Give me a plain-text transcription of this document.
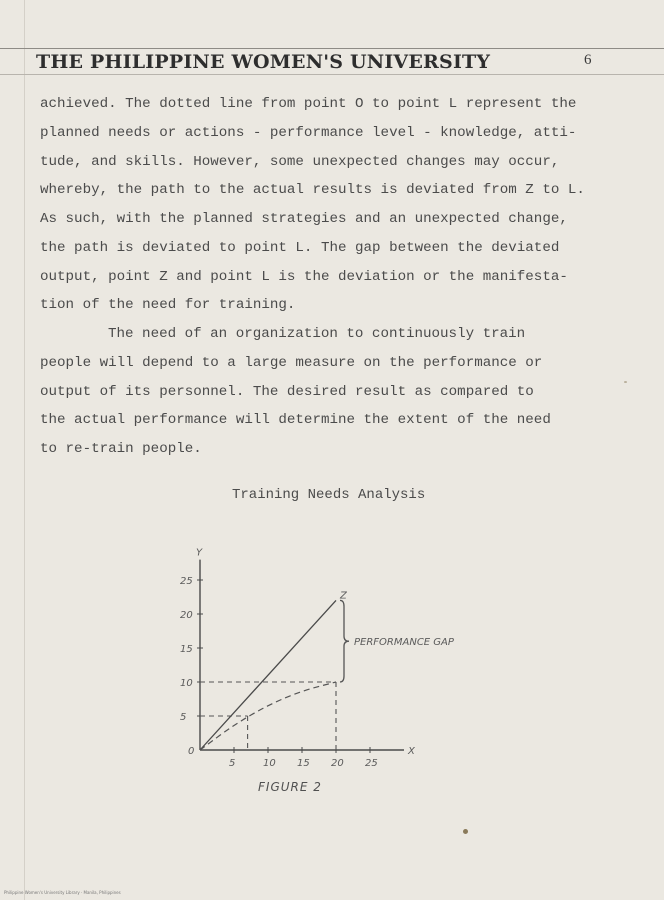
THE PHILIPPINE WOMEN'S UNIVERSITY	6
achieved. The dotted line from point O to point L represent the
planned needs or actions - performance level - knowledge, atti-
tude, and skills. However, some unexpected changes may occur,
whereby, the path to the actual results is deviated from Z to L.
As such, with the planned strategies and an unexpected change,
the path is deviated to point L. The gap between the deviated
output, point Z and point L is the deviation or the manifesta-
tion of the need for training.
The need of an organization to continuously train
people will depend to a large measure on the performance or
output of its personnel. The desired result as compared to
the actual performance will determine the extent of the need
to re-train people.
Training Needs Analysis
X
Y
0
5	10 15 20 25
5
10
15
20
25
Z
PERFORMANCE GAP
FIGURE 2
Philippine Women's University Library · Manila, Philippines
